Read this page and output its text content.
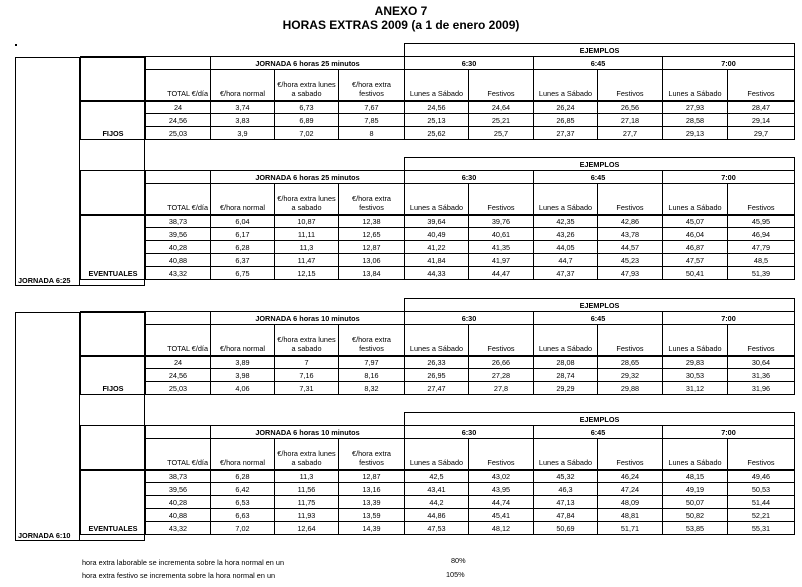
ANEXO 7
HORAS EXTRAS 2009 (a 1 de enero 2009)
					EJEMPLOS					
		JORNADA 6 horas 25 minutos			6:30		6:45		7:00	
	TOTAL €/día	€/hora normal	€/hora extra lunes a sabado	€/hora extra festivos	Lunes a Sábado	Festivos	Lunes a Sábado	Festivos	Lunes a Sábado	Festivos
FIJOS	24	3,74	6,73	7,67	24,56	24,64	26,24	26,56	27,93	28,47
	24,56	3,83	6,89	7,85	25,13	25,21	26,85	27,18	28,58	29,14
	25,03	3,9	7,02	8	25,62	25,7	27,37	27,7	29,13	29,7
					EJEMPLOS					
		JORNADA 6 horas 25 minutos			6:30		6:45		7:00	
	TOTAL €/día	€/hora normal	€/hora extra lunes a sabado	€/hora extra festivos	Lunes a Sábado	Festivos	Lunes a Sábado	Festivos	Lunes a Sábado	Festivos
EVENTUALES	38,73	6,04	10,87	12,38	39,64	39,76	42,35	42,86	45,07	45,95
	39,56	6,17	11,11	12,65	40,49	40,61	43,26	43,78	46,04	46,94
	40,28	6,28	11,3	12,87	41,22	41,35	44,05	44,57	46,87	47,79
	40,88	6,37	11,47	13,06	41,84	41,97	44,7	45,23	47,57	48,5
	43,32	6,75	12,15	13,84	44,33	44,47	47,37	47,93	50,41	51,39
					EJEMPLOS					
		JORNADA 6 horas 10 minutos			6:30		6:45		7:00	
	TOTAL €/día	€/hora normal	€/hora extra lunes a sabado	€/hora extra festivos	Lunes a Sábado	Festivos	Lunes a Sábado	Festivos	Lunes a Sábado	Festivos
FIJOS	24	3,89	7	7,97	26,33	26,66	28,08	28,65	29,83	30,64
	24,56	3,98	7,16	8,16	26,95	27,28	28,74	29,32	30,53	31,36
	25,03	4,06	7,31	8,32	27,47	27,8	29,29	29,88	31,12	31,96
					EJEMPLOS					
		JORNADA 6 horas 10 minutos			6:30		6:45		7:00	
	TOTAL €/día	€/hora normal	€/hora extra lunes a sabado	€/hora extra festivos	Lunes a Sábado	Festivos	Lunes a Sábado	Festivos	Lunes a Sábado	Festivos
EVENTUALES	38,73	6,28	11,3	12,87	42,5	43,02	45,32	46,24	48,15	49,46
	39,56	6,42	11,56	13,16	43,41	43,95	46,3	47,24	49,19	50,53
	40,28	6,53	11,75	13,39	44,2	44,74	47,13	48,09	50,07	51,44
	40,88	6,63	11,93	13,59	44,86	45,41	47,84	48,81	50,82	52,21
	43,32	7,02	12,64	14,39	47,53	48,12	50,69	51,71	53,85	55,31
JORNADA 6:25
JORNADA 6:10
hora extra laborable se incrementa sobre la hora normal en un	80%
hora extra festivo se incrementa sobre la hora normal en un	105%
